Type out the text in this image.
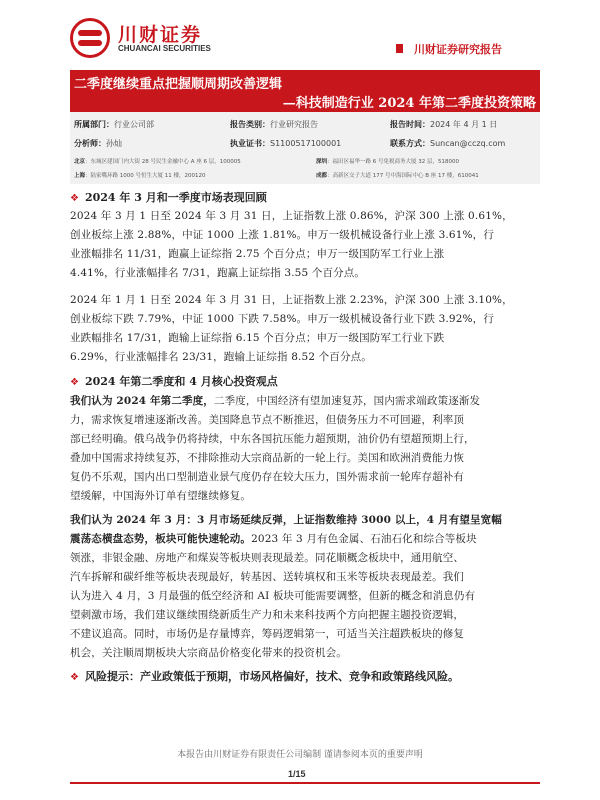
川财证券
CHUANCAI SECURITIES	川财证券研究报告
二季度继续重点把握顺周期改善逻辑
—科技制造行业 2024 年第二季度投资策略
所属部门：行业公司部	报告类别：行业研究报告	报告时间：2024 年 4 月 1 日
分析师：孙灿	执业证书：S1100517100001	联系方式：Suncan@cczq.com
北京：东城区建国门内大街 28 号民生金融中心 A 座 6 层，100005	深圳：福田区福华一路 6 号免税商务大厦 32 层，518000
上海：陆家嘴环路 1000 号恒生大厦 11 楼，200120	成都：高新区交子大道 177 号中海国际中心 B 座 17 楼，610041
❖ 2024 年 3 月和一季度市场表现回顾
2024 年 3 月 1 日至 2024 年 3 月 31 日，上证指数上涨 0.86%，沪深 300 上涨 0.61%，
创业板综上涨 2.88%，中证 1000 上涨 1.81%。申万一级机械设备行业上涨 3.61%，行
业涨幅排名 11/31，跑赢上证综指 2.75 个百分点；申万一级国防军工行业上涨
4.41%，行业涨幅排名 7/31，跑赢上证综指 3.55 个百分点。
2024 年 1 月 1 日至 2024 年 3 月 31 日，上证指数上涨 2.23%，沪深 300 上涨 3.10%，
创业板综下跌 7.79%，中证 1000 下跌 7.58%。申万一级机械设备行业下跌 3.92%，行
业跌幅排名 17/31，跑输上证综指 6.15 个百分点；申万一级国防军工行业下跌
6.29%，行业涨幅排名 23/31，跑输上证综指 8.52 个百分点。
❖ 2024 年第二季度和 4 月核心投资观点
我们认为 2024 年第二季度，二季度，中国经济有望加速复苏，国内需求端政策逐渐发
力，需求恢复增速逐渐改善。美国降息节点不断推迟，但债务压力不可回避，利率顶
部已经明确。俄乌战争仍将持续，中东各国抗压能力超预期，油价仍有望超预期上行，
叠加中国需求持续复苏，不排除推动大宗商品新的一轮上行。美国和欧洲消费能力恢
复仍不乐观，国内出口型制造业景气度仍存在较大压力，国外需求前一轮库存超补有
望缓解，中国海外订单有望继续修复。
我们认为 2024 年 3 月：3 月市场延续反弹，上证指数维持 3000 以上，4 月有望呈宽幅
震荡态横盘态势，板块可能快速轮动。2023 年 3 月有色金属、石油石化和综合等板块
领涨，非银金融、房地产和煤炭等板块则表现最差。同花顺概念板块中，通用航空、
汽车拆解和碳纤维等板块表现最好，转基因、送转填权和玉米等板块表现最差。我们
认为进入 4 月，3 月最强的低空经济和 AI 板块可能需要调整，但新的概念和消息仍有
望刺激市场，我们建议继续围绕新质生产力和未来科技两个方向把握主题投资逻辑，
不建议追高。同时，市场仍是存量博弈，筹码逻辑第一，可适当关注超跌板块的修复
机会，关注顺周期板块大宗商品价格变化带来的投资机会。
❖ 风险提示：产业政策低于预期，市场风格偏好，技术、竞争和政策路线风险。
本报告由川财证券有限责任公司编制 谨请参阅本页的重要声明
1/15
